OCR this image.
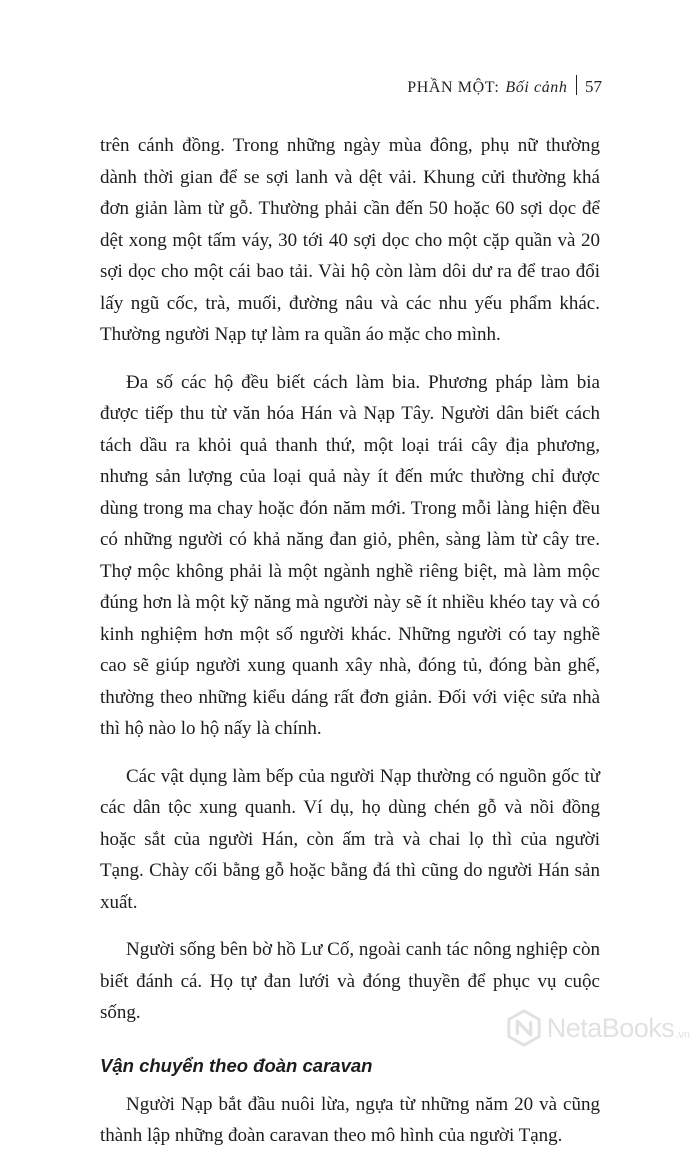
PHẦN MỘT: Bối cảnh 57

trên cánh đồng. Trong những ngày mùa đông, phụ nữ thường dành thời gian để se sợi lanh và dệt vải. Khung cửi thường khá đơn giản làm từ gỗ. Thường phải cần đến 50 hoặc 60 sợi dọc để dệt xong một tấm váy, 30 tới 40 sợi dọc cho một cặp quần và 20 sợi dọc cho một cái bao tải. Vài hộ còn làm dôi dư ra để trao đổi lấy ngũ cốc, trà, muối, đường nâu và các nhu yếu phẩm khác. Thường người Nạp tự làm ra quần áo mặc cho mình.

Đa số các hộ đều biết cách làm bia. Phương pháp làm bia được tiếp thu từ văn hóa Hán và Nạp Tây. Người dân biết cách tách dầu ra khỏi quả thanh thứ, một loại trái cây địa phương, nhưng sản lượng của loại quả này ít đến mức thường chỉ được dùng trong ma chay hoặc đón năm mới. Trong mỗi làng hiện đều có những người có khả năng đan giỏ, phên, sàng làm từ cây tre. Thợ mộc không phải là một ngành nghề riêng biệt, mà làm mộc đúng hơn là một kỹ năng mà người này sẽ ít nhiều khéo tay và có kinh nghiệm hơn một số người khác. Những người có tay nghề cao sẽ giúp người xung quanh xây nhà, đóng tủ, đóng bàn ghế, thường theo những kiểu dáng rất đơn giản. Đối với việc sửa nhà thì hộ nào lo hộ nấy là chính.

Các vật dụng làm bếp của người Nạp thường có nguồn gốc từ các dân tộc xung quanh. Ví dụ, họ dùng chén gỗ và nồi đồng hoặc sắt của người Hán, còn ấm trà và chai lọ thì của người Tạng. Chày cối bằng gỗ hoặc bằng đá thì cũng do người Hán sản xuất.

Người sống bên bờ hồ Lư Cố, ngoài canh tác nông nghiệp còn biết đánh cá. Họ tự đan lưới và đóng thuyền để phục vụ cuộc sống.

Vận chuyển theo đoàn caravan

Người Nạp bắt đầu nuôi lừa, ngựa từ những năm 20 và cũng thành lập những đoàn caravan theo mô hình của người Tạng.

NetaBooks .vn
